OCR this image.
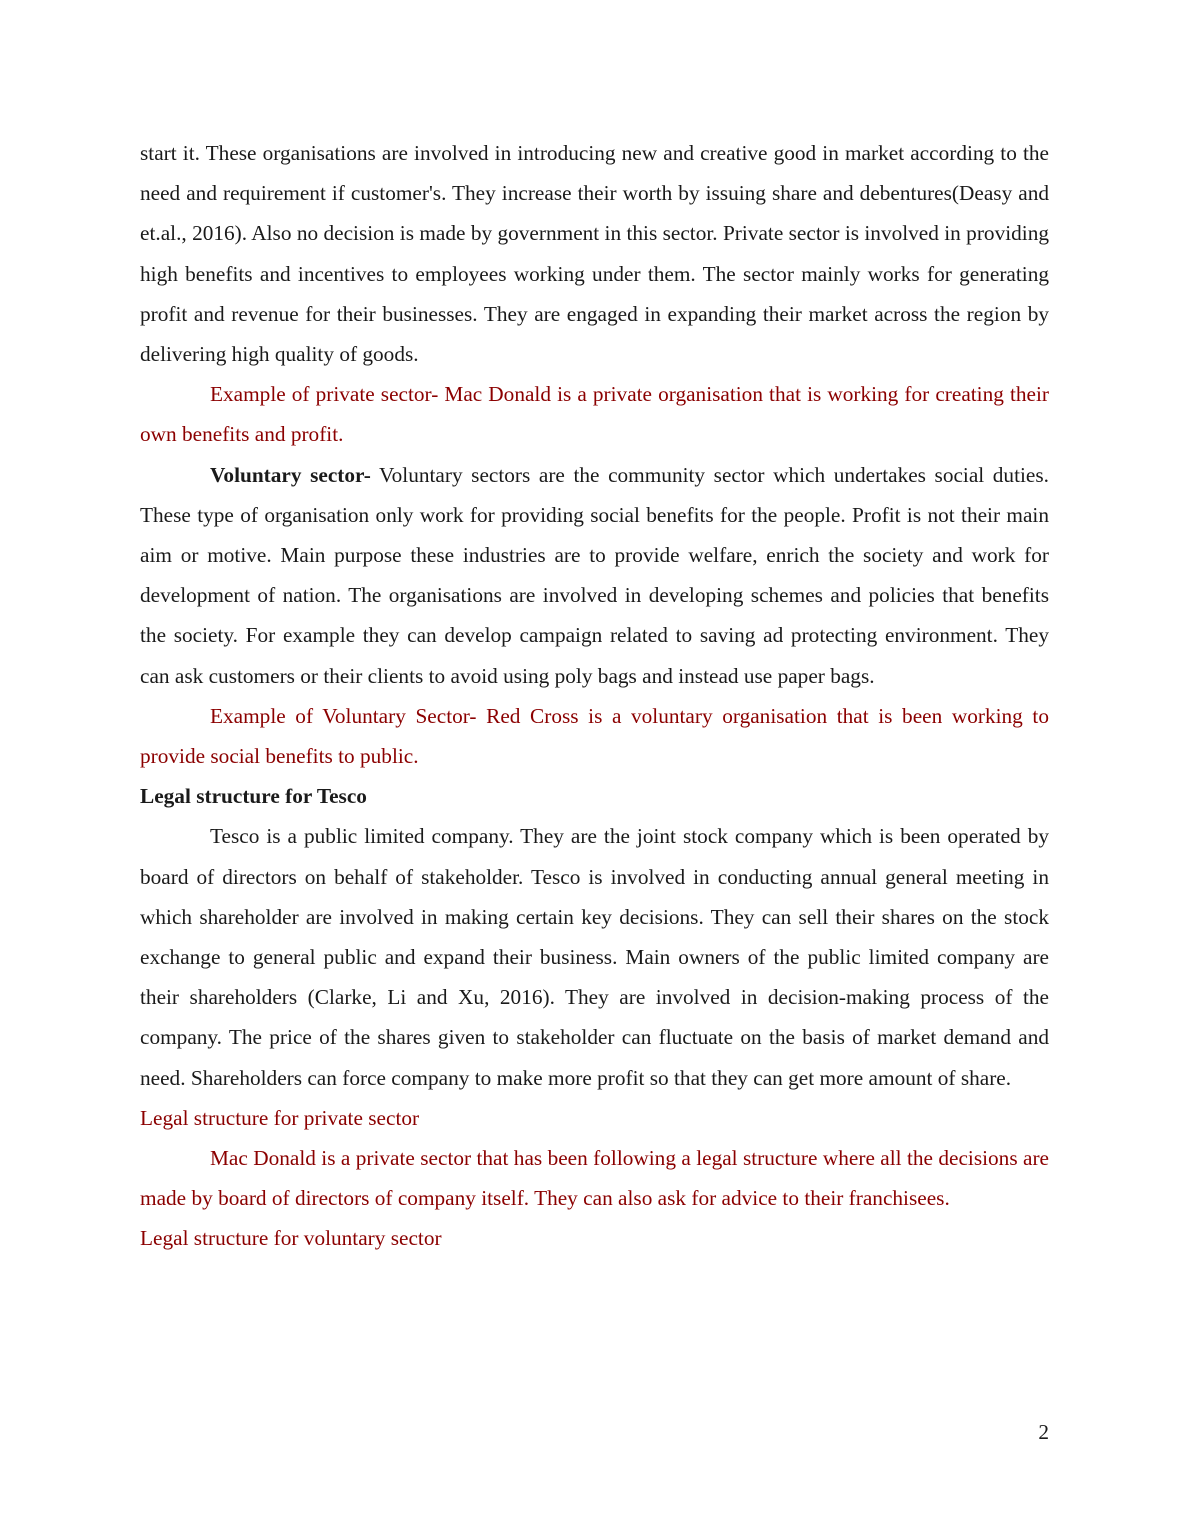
start it. These organisations are involved in introducing new and creative good in market according to the need and requirement if customer's. They increase their worth by issuing share and debentures(Deasy and et.al., 2016). Also no decision is made by government in this sector. Private sector is involved in providing high benefits and incentives to employees working under them. The sector mainly works for generating profit and revenue for their businesses. They are engaged in expanding their market across the region by delivering high quality of goods.

Example of private sector- Mac Donald is a private organisation that is working for creating their own benefits and profit.

Voluntary sector- Voluntary sectors are the community sector which undertakes social duties. These type of organisation only work for providing social benefits for the people. Profit is not their main aim or motive. Main purpose these industries are to provide welfare, enrich the society and work for development of nation. The organisations are involved in developing schemes and policies that benefits the society. For example they can develop campaign related to saving ad protecting environment. They can ask customers or their clients to avoid using poly bags and instead use paper bags.

Example of Voluntary Sector- Red Cross is a voluntary organisation that is been working to provide social benefits to public.

Legal structure for Tesco

Tesco is a public limited company. They are the joint stock company which is been operated by board of directors on behalf of stakeholder. Tesco is involved in conducting annual general meeting in which shareholder are involved in making certain key decisions. They can sell their shares on the stock exchange to general public and expand their business. Main owners of the public limited company are their shareholders (Clarke, Li and Xu, 2016). They are involved in decision-making process of the company. The price of the shares given to stakeholder can fluctuate on the basis of market demand and need. Shareholders can force company to make more profit so that they can get more amount of share.

Legal structure for private sector

Mac Donald is a private sector that has been following a legal structure where all the decisions are made by board of directors of company itself. They can also ask for advice to their franchisees.

Legal structure for voluntary sector

2
